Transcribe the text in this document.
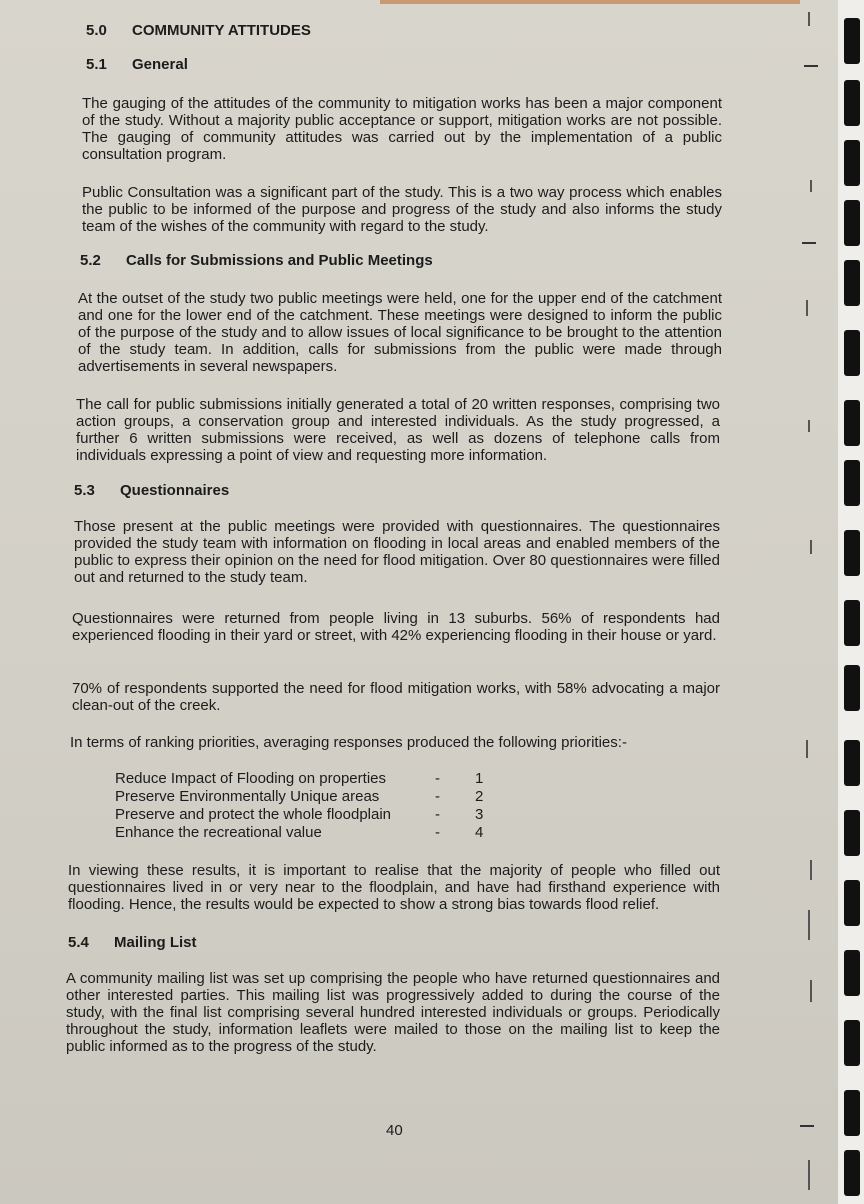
5.0 COMMUNITY ATTITUDES
5.1 General

The gauging of the attitudes of the community to mitigation works has been a major component of the study. Without a majority public acceptance or support, mitigation works are not possible. The gauging of community attitudes was carried out by the implementation of a public consultation program.

Public Consultation was a significant part of the study. This is a two way process which enables the public to be informed of the purpose and progress of the study and also informs the study team of the wishes of the community with regard to the study.

5.2 Calls for Submissions and Public Meetings

At the outset of the study two public meetings were held, one for the upper end of the catchment and one for the lower end of the catchment. These meetings were designed to inform the public of the purpose of the study and to allow issues of local significance to be brought to the attention of the study team. In addition, calls for submissions from the public were made through advertisements in several newspapers.

The call for public submissions initially generated a total of 20 written responses, comprising two action groups, a conservation group and interested individuals. As the study progressed, a further 6 written submissions were received, as well as dozens of telephone calls from individuals expressing a point of view and requesting more information.

5.3 Questionnaires

Those present at the public meetings were provided with questionnaires. The questionnaires provided the study team with information on flooding in local areas and enabled members of the public to express their opinion on the need for flood mitigation. Over 80 questionnaires were filled out and returned to the study team.

Questionnaires were returned from people living in 13 suburbs. 56% of respondents had experienced flooding in their yard or street, with 42% experiencing flooding in their house or yard.

70% of respondents supported the need for flood mitigation works, with 58% advocating a major clean-out of the creek.

In terms of ranking priorities, averaging responses produced the following priorities:-

Reduce Impact of Flooding on properties	-	1
Preserve Environmentally Unique areas	-	2
Preserve and protect the whole floodplain	-	3
Enhance the recreational value	-	4

In viewing these results, it is important to realise that the majority of people who filled out questionnaires lived in or very near to the floodplain, and have had firsthand experience with flooding. Hence, the results would be expected to show a strong bias towards flood relief.

5.4 Mailing List

A community mailing list was set up comprising the people who have returned questionnaires and other interested parties. This mailing list was progressively added to during the course of the study, with the final list comprising several hundred interested individuals or groups. Periodically throughout the study, information leaflets were mailed to those on the mailing list to keep the public informed as to the progress of the study.

40
